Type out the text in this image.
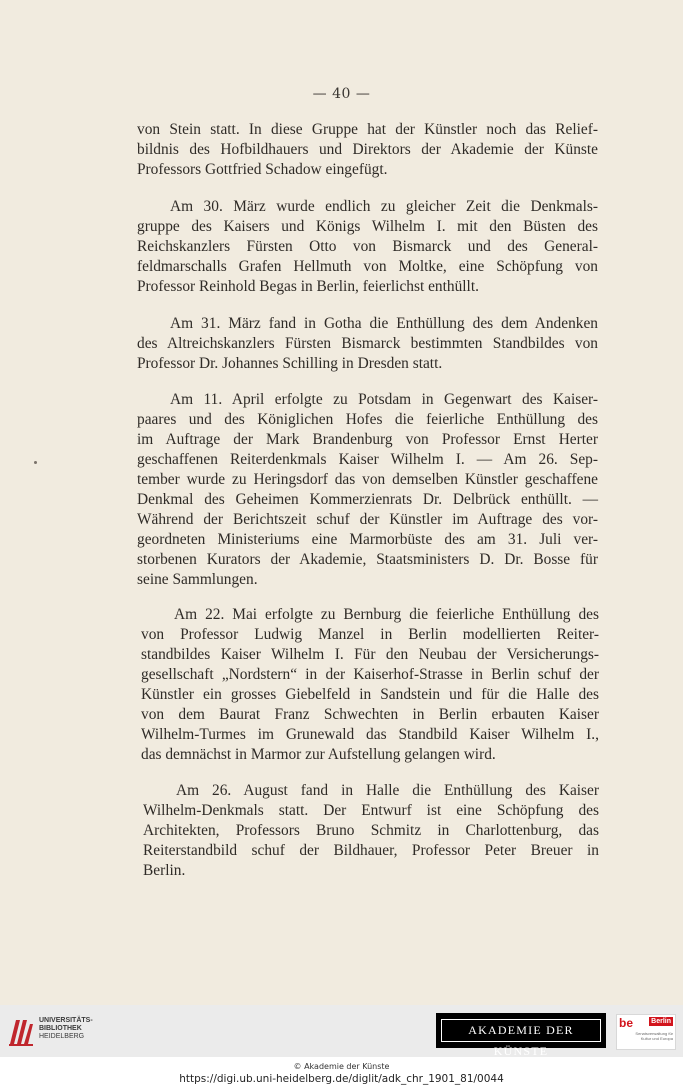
— 40 —
von Stein statt. In diese Gruppe hat der Künstler noch das Relief-
bildnis des Hofbildhauers und Direktors der Akademie der Künste
Professors Gottfried Schadow eingefügt.
Am 30. März wurde endlich zu gleicher Zeit die Denkmals-
gruppe des Kaisers und Königs Wilhelm I. mit den Büsten des
Reichskanzlers Fürsten Otto von Bismarck und des General-
feldmarschalls Grafen Hellmuth von Moltke, eine Schöpfung von
Professor Reinhold Begas in Berlin, feierlichst enthüllt.
Am 31. März fand in Gotha die Enthüllung des dem Andenken
des Altreichskanzlers Fürsten Bismarck bestimmten Standbildes von
Professor Dr. Johannes Schilling in Dresden statt.
Am 11. April erfolgte zu Potsdam in Gegenwart des Kaiser-
paares und des Königlichen Hofes die feierliche Enthüllung des
im Auftrage der Mark Brandenburg von Professor Ernst Herter
geschaffenen Reiterdenkmals Kaiser Wilhelm I. — Am 26. Sep-
tember wurde zu Heringsdorf das von demselben Künstler geschaffene
Denkmal des Geheimen Kommerzienrats Dr. Delbrück enthüllt. —
Während der Berichtszeit schuf der Künstler im Auftrage des vor-
geordneten Ministeriums eine Marmorbüste des am 31. Juli ver-
storbenen Kurators der Akademie, Staatsministers D. Dr. Bosse für
seine Sammlungen.
Am 22. Mai erfolgte zu Bernburg die feierliche Enthüllung des
von Professor Ludwig Manzel in Berlin modellierten Reiter-
standbildes Kaiser Wilhelm I. Für den Neubau der Versicherungs-
gesellschaft „Nordstern“ in der Kaiserhof-Strasse in Berlin schuf der
Künstler ein grosses Giebelfeld in Sandstein und für die Halle des
von dem Baurat Franz Schwechten in Berlin erbauten Kaiser
Wilhelm-Turmes im Grunewald das Standbild Kaiser Wilhelm I.,
das demnächst in Marmor zur Aufstellung gelangen wird.
Am 26. August fand in Halle die Enthüllung des Kaiser
Wilhelm-Denkmals statt. Der Entwurf ist eine Schöpfung des
Architekten, Professors Bruno Schmitz in Charlottenburg, das
Reiterstandbild schuf der Bildhauer, Professor Peter Breuer in
Berlin.
UNIVERSITÄTS-
BIBLIOTHEK
HEIDELBERG	AKADEMIE DER KÜNSTE
be	Berlin
Senatsverwaltung für Kultur und Europa
© Akademie der Künste
https://digi.ub.uni-heidelberg.de/diglit/adk_chr_1901_81/0044
